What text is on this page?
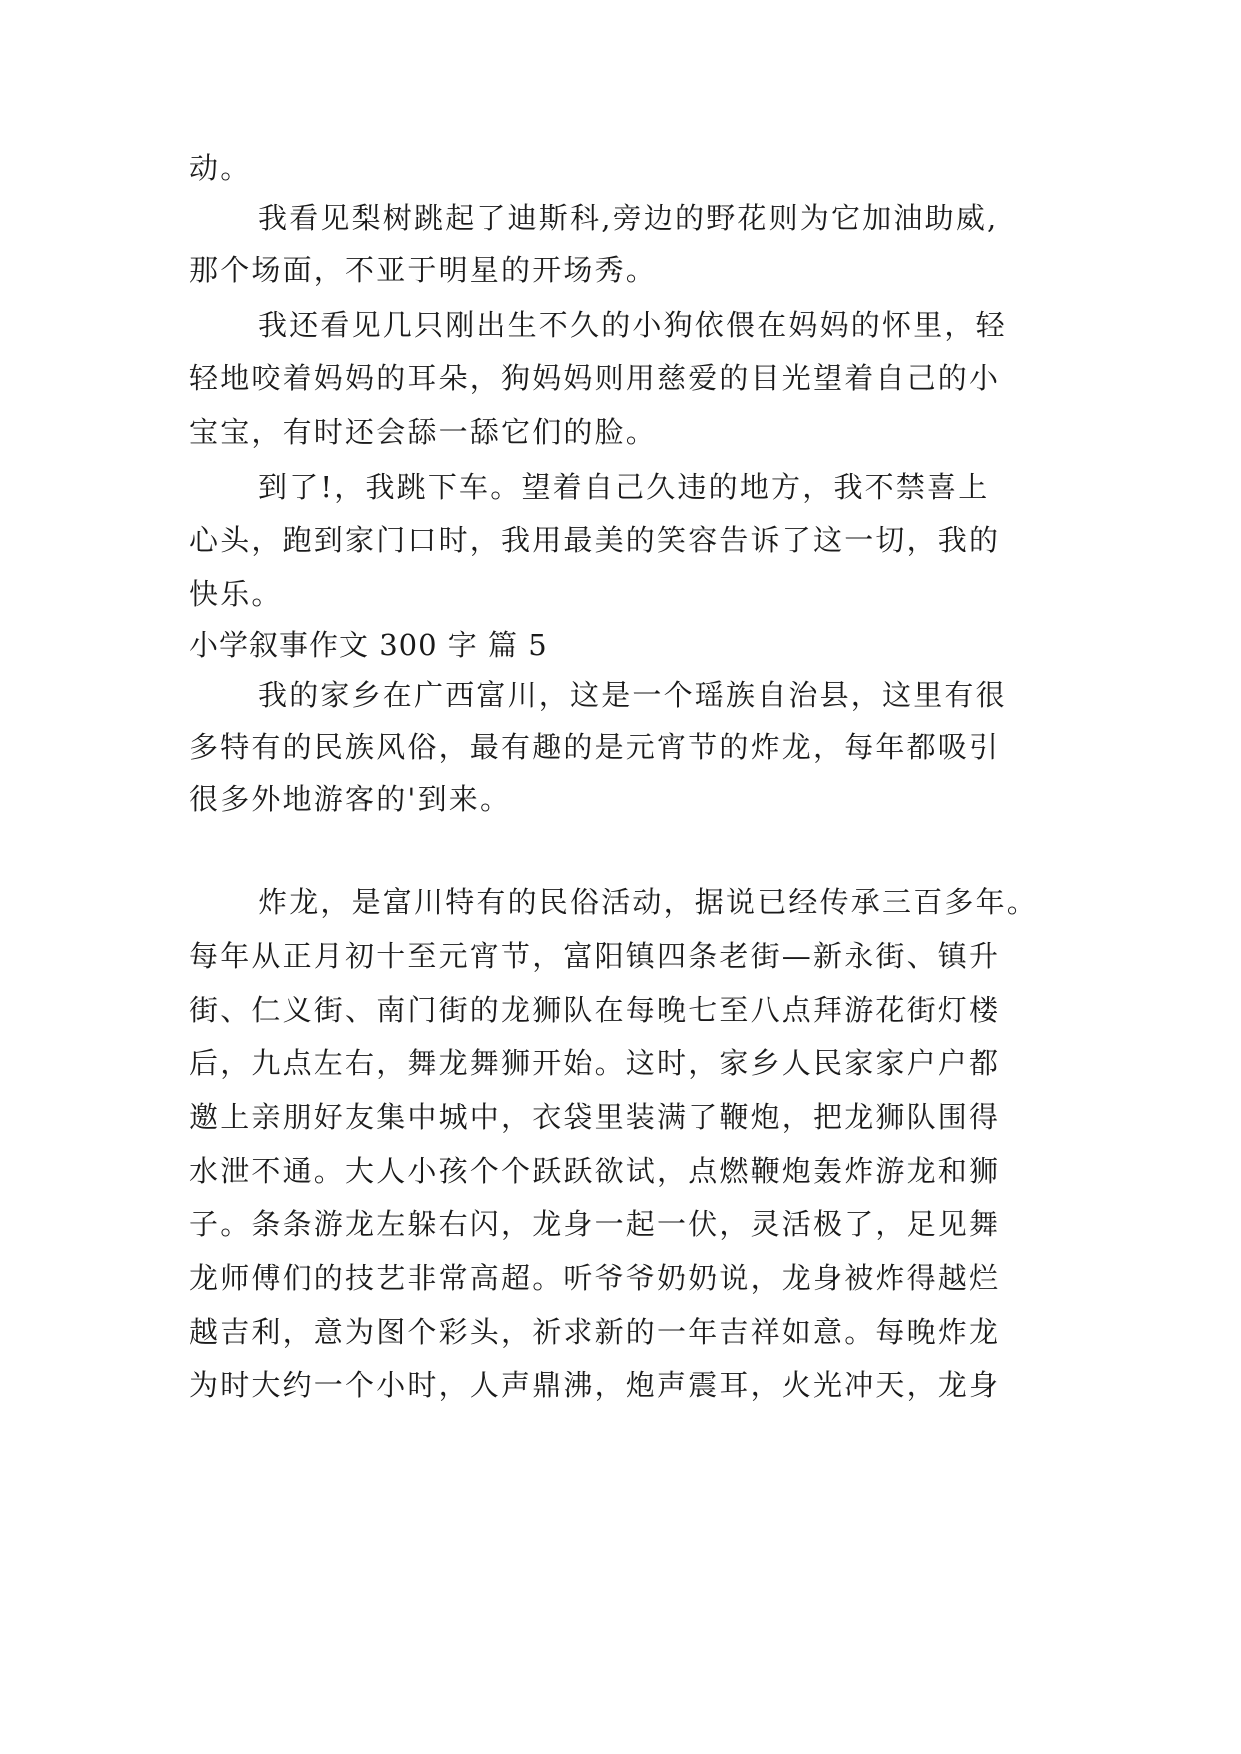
动。

我看见梨树跳起了迪斯科,旁边的野花则为它加油助威,

那个场面，不亚于明星的开场秀。

我还看见几只刚出生不久的小狗依偎在妈妈的怀里，轻

轻地咬着妈妈的耳朵，狗妈妈则用慈爱的目光望着自己的小

宝宝，有时还会舔一舔它们的脸。

到了!，我跳下车。望着自己久违的地方，我不禁喜上

心头，跑到家门口时，我用最美的笑容告诉了这一切，我的

快乐。

小学叙事作文 300 字 篇 5

我的家乡在广西富川，这是一个瑶族自治县，这里有很

多特有的民族风俗，最有趣的是元宵节的炸龙，每年都吸引

很多外地游客的'到来。

炸龙，是富川特有的民俗活动，据说已经传承三百多年。

每年从正月初十至元宵节，富阳镇四条老街—新永街、镇升

街、仁义街、南门街的龙狮队在每晚七至八点拜游花街灯楼

后，九点左右，舞龙舞狮开始。这时，家乡人民家家户户都

邀上亲朋好友集中城中，衣袋里装满了鞭炮，把龙狮队围得

水泄不通。大人小孩个个跃跃欲试，点燃鞭炮轰炸游龙和狮

子。条条游龙左躲右闪，龙身一起一伏，灵活极了，足见舞

龙师傅们的技艺非常高超。听爷爷奶奶说，龙身被炸得越烂

越吉利，意为图个彩头，祈求新的一年吉祥如意。每晚炸龙

为时大约一个小时，人声鼎沸，炮声震耳，火光冲天，龙身
